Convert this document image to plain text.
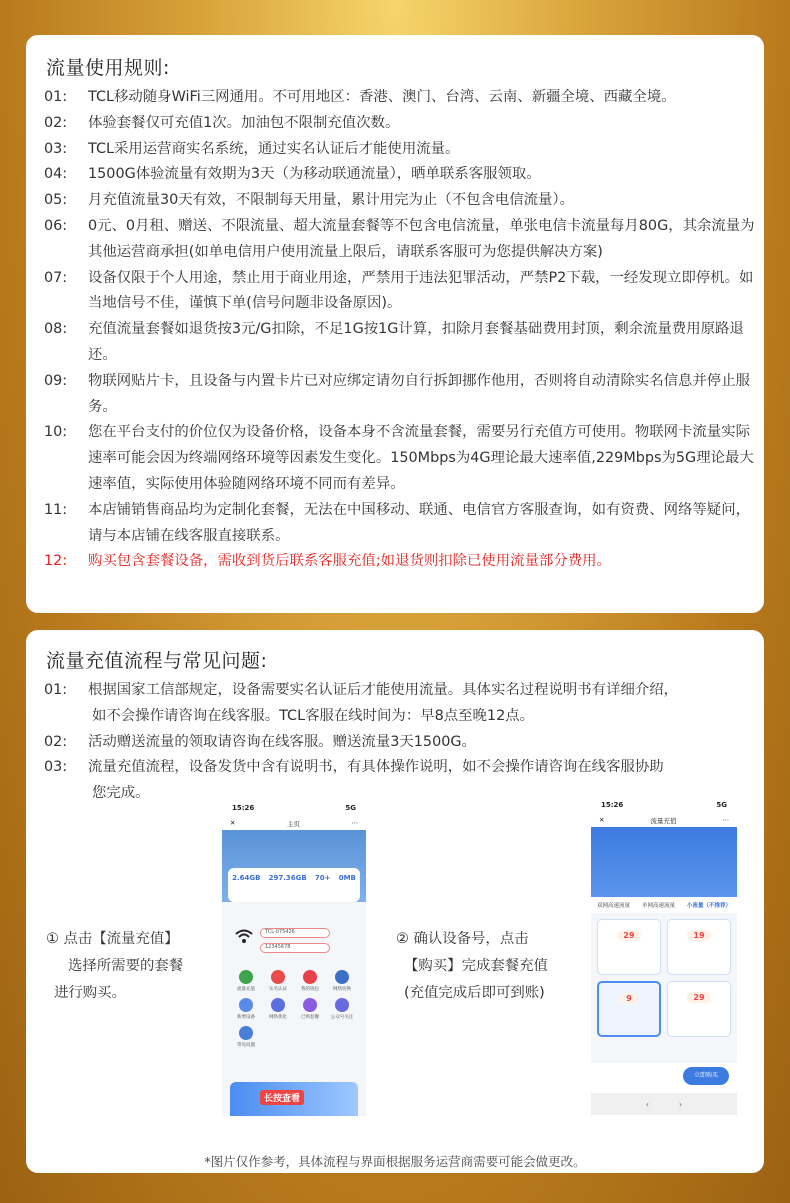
流量使用规则:
01:	TCL移动随身WiFi三网通用。不可用地区：香港、澳门、台湾、云南、新疆全境、西藏全境。
02:	体验套餐仅可充值1次。加油包不限制充值次数。
03:	TCL采用运营商实名系统，通过实名认证后才能使用流量。
04:	1500G体验流量有效期为3天（为移动联通流量），晒单联系客服领取。
05:	月充值流量30天有效，不限制每天用量，累计用完为止（不包含电信流量）。
06:	0元、0月租、赠送、不限流量、超大流量套餐等不包含电信流量，单张电信卡流量每月80G，其余流量为其他运营商承担(如单电信用户使用流量上限后，请联系客服可为您提供解决方案)
07:	设备仅限于个人用途，禁止用于商业用途，严禁用于违法犯罪活动，严禁P2下载，一经发现立即停机。如当地信号不佳，谨慎下单(信号问题非设备原因)。
08:	充值流量套餐如退货按3元/G扣除，不足1G按1G计算，扣除月套餐基础费用封顶，剩余流量费用原路退还。
09:	物联网贴片卡，且设备与内置卡片已对应绑定请勿自行拆卸挪作他用，否则将自动清除实名信息并停止服务。
10:	您在平台支付的价位仅为设备价格，设备本身不含流量套餐，需要另行充值方可使用。物联网卡流量实际速率可能会因为终端网络环境等因素发生变化。150Mbps为4G理论最大速率值,229Mbps为5G理论最大速率值，实际使用体验随网络环境不同而有差异。
11:	本店铺销售商品均为定制化套餐，无法在中国移动、联通、电信官方客服查询，如有资费、网络等疑问，请与本店铺在线客服直接联系。
12:	购买包含套餐设备，需收到货后联系客服充值;如退货则扣除已使用流量部分费用。
流量充值流程与常见问题:
01:	根据国家工信部规定，设备需要实名认证后才能使用流量。具体实名过程说明书有详细介绍，
如不会操作请咨询在线客服。TCL客服在线时间为：早8点至晚12点。
02:	活动赠送流量的领取请咨询在线客服。赠送流量3天1500G。
03:	流量充值流程，设备发货中含有说明书，有具体操作说明，如不会操作请咨询在线客服协助
您完成。
① 点击【流量充值】
选择所需要的套餐
进行购买。
② 确认设备号，点击
【购买】完成套餐充值
(充值完成后即可到账)
15:26	5G
✕	主页	⋯
2.64GB 297.36GB 70+ 0MB
TCL-075426
12345678
流量充值	实名认证	我的钱包	网络切换
新增设备	网络优化	已购套餐	公众号关注
常见问题
长按查看
15:26	5G
✕	流量充值	⋯
双网高速流量 单网高速流量 小流量（不推荐）
29	19
9	29
立即购买
‹	›
*图片仅作参考，具体流程与界面根据服务运营商需要可能会做更改。
